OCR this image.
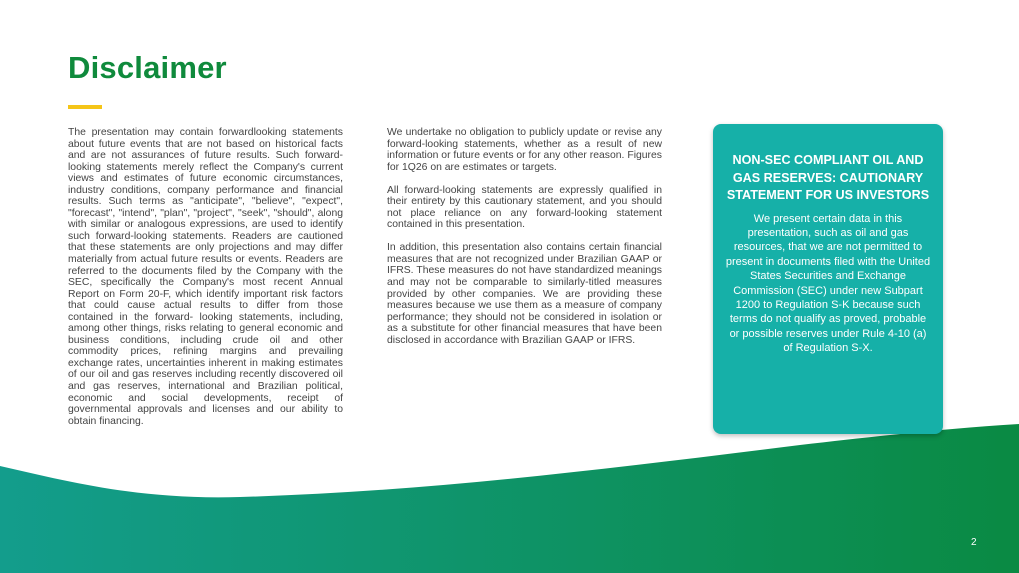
Disclaimer

The presentation may contain forwardlooking statements about future events that are not based on historical facts and are not assurances of future results. Such forward- looking statements merely reflect the Company's current views and estimates of future economic circumstances, industry conditions, company performance and financial results. Such terms as "anticipate", "believe", "expect", "forecast", "intend", "plan", "project", "seek", "should", along with similar or analogous expressions, are used to identify such forward-looking statements. Readers are cautioned that these statements are only projections and may differ materially from actual future results or events. Readers are referred to the documents filed by the Company with the SEC, specifically the Company's most recent Annual Report on Form 20-F, which identify important risk factors that could cause actual results to differ from those contained in the forward- looking statements, including, among other things, risks relating to general economic and business conditions, including crude oil and other commodity prices, refining margins and prevailing exchange rates, uncertainties inherent in making estimates of our oil and gas reserves including recently discovered oil and gas reserves, international and Brazilian political, economic and social developments, receipt of governmental approvals and licenses and our ability to obtain financing.

We undertake no obligation to publicly update or revise any forward-looking statements, whether as a result of new information or future events or for any other reason. Figures for 1Q26 on are estimates or targets.

All forward-looking statements are expressly qualified in their entirety by this cautionary statement, and you should not place reliance on any forward-looking statement contained in this presentation.

In addition, this presentation also contains certain financial measures that are not recognized under Brazilian GAAP or IFRS. These measures do not have standardized meanings and may not be comparable to similarly-titled measures provided by other companies. We are providing these measures because we use them as a measure of company performance; they should not be considered in isolation or as a substitute for other financial measures that have been disclosed in accordance with Brazilian GAAP or IFRS.

NON-SEC COMPLIANT OIL AND GAS RESERVES: CAUTIONARY STATEMENT FOR US INVESTORS
We present certain data in this presentation, such as oil and gas resources, that we are not permitted to present in documents filed with the United States Securities and Exchange Commission (SEC) under new Subpart 1200 to Regulation S-K because such terms do not qualify as proved, probable or possible reserves under Rule 4-10 (a) of Regulation S-X.
2
